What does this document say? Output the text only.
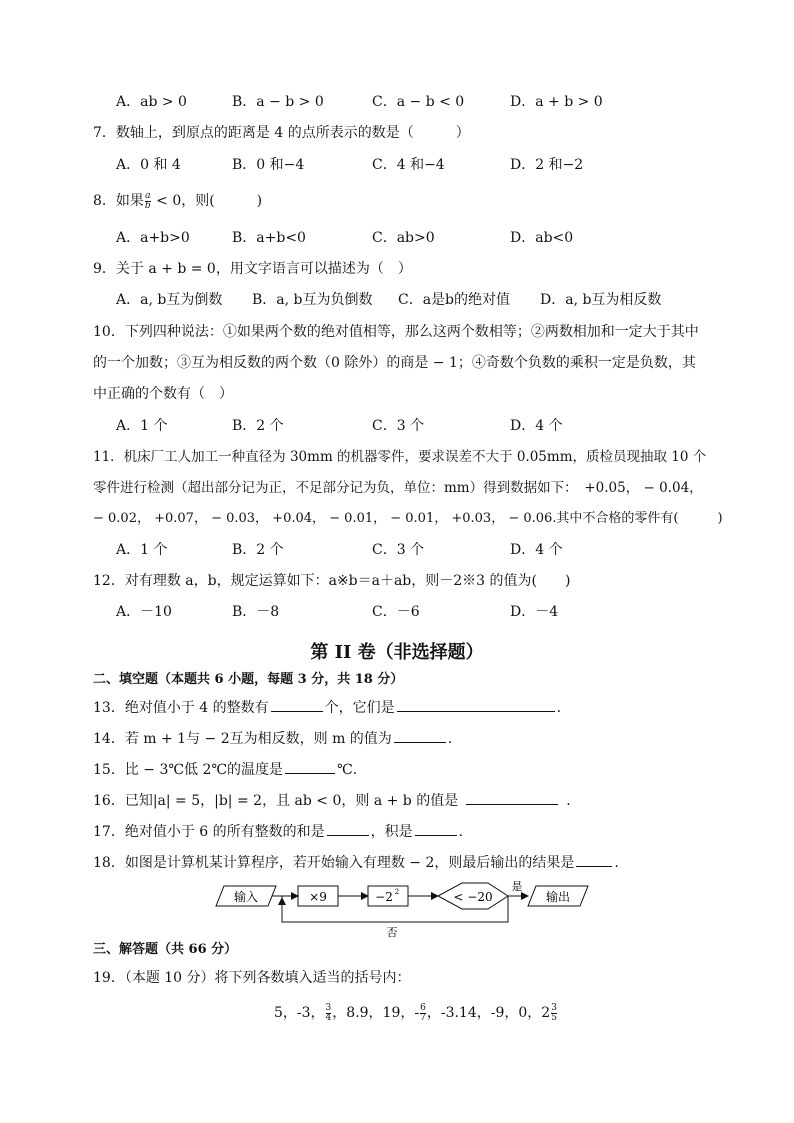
A．ab > 0	B．a − b > 0	C．a − b < 0	D．a + b > 0
7．数轴上，到原点的距离是 4 的点所表示的数是（　　　）
A．0 和 4	B．0 和−4	C．4 和−4	D．2 和−2
8．如果 $\frac{a}{b} < 0$，则(　　　)
A．a+b>0	B．a+b<0	C．ab>0	D．ab<0
9．关于 a + b = 0，用文字语言可以描述为（　）
A．a, b互为倒数 B．a, b互为负倒数 C．a是b的绝对值 D．a, b互为相反数
10．下列四种说法：①如果两个数的绝对值相等，那么这两个数相等；②两数相加和一定大于其中
的一个加数；③互为相反数的两个数（0 除外）的商是 − 1；④奇数个负数的乘积一定是负数，其
中正确的个数有（　）
A．1 个	B．2 个	C．3 个	D．4 个
11．机床厂工人加工一种直径为 30mm 的机器零件，要求误差不大于 0.05mm，质检员现抽取 10 个
零件进行检测（超出部分记为正，不足部分记为负，单位：mm）得到数据如下：　+0.05， − 0.04，
− 0.02， +0.07， − 0.03， +0.04， − 0.01， − 0.01， +0.03， − 0.06.其中不合格的零件有(　　　)
A．1 个	B．2 个	C．3 个	D．4 个
12．对有理数 a，b，规定运算如下：a※b＝a＋ab，则－2※3 的值为(　　)
A．－10	B．－8	C．－6	D．－4
第 II 卷（非选择题）
二、填空题（本题共 6 小题，每题 3 分，共 18 分）
13．绝对值小于 4 的整数有	个，它们是	.
14．若 m + 1与 − 2互为相反数，则 m 的值为	.
15．比 − 3℃低 2℃的温度是	℃.
16．已知|a| = 5，|b| = 2，且 ab < 0，则 a + b 的值是	.
17．绝对值小于 6 的所有整数的和是	，积是	.
18．如图是计算机某计算程序，若开始输入有理数 − 2，则最后输出的结果是	.
输入	×9	−2 2	< −20
是
输出
否
三、解答题（共 66 分）
19．（本题 10 分）将下列各数填入适当的括号内：
5，-3， $\frac{3}{4}$ ，8.9，19，- $\frac{6}{7}$ ，-3.14，-9，0，$2 \frac{3}{5}$
